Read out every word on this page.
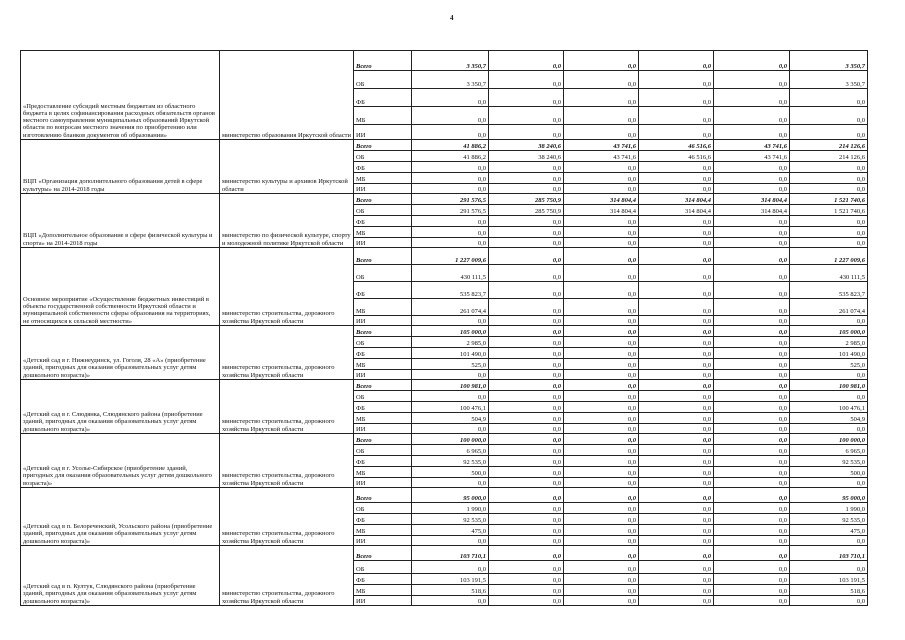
4
«Предоставление субсидий местным бюджетам из областного бюджета в целях софинансирования расходных обязательств органов местного самоуправления муниципальных образований Иркутской области по вопросам местного значения по приобретению или изготовлению бланков документов об образовании»	министерство образования Иркутской области	Всего	3 350,7	0,0	0,0	0,0	0,0	3 350,7
		ОБ	3 350,7	0,0	0,0	0,0	0,0	3 350,7
		ФБ	0,0	0,0	0,0	0,0	0,0	0,0
		МБ	0,0	0,0	0,0	0,0	0,0	0,0
		ИИ	0,0	0,0	0,0	0,0	0,0	0,0
ВЦП «Организация дополнительного образования детей в сфере культуры» на 2014-2018 годы	министерство культуры и архивов Иркутской области	Всего	41 886,2	38 240,6	43 741,6	46 516,6	43 741,6	214 126,6
		ОБ	41 886,2	38 240,6	43 741,6	46 516,6	43 741,6	214 126,6
		ФБ	0,0	0,0	0,0	0,0	0,0	0,0
		МБ	0,0	0,0	0,0	0,0	0,0	0,0
		ИИ	0,0	0,0	0,0	0,0	0,0	0,0
ВЦП «Дополнительное образование в сфере физической культуры и спорта» на 2014-2018 годы	министерство по физической культуре, спорту и молодежной политике Иркутской области	Всего	291 576,5	285 750,9	314 804,4	314 804,4	314 804,4	1 521 740,6
		ОБ	291 576,5	285 750,9	314 804,4	314 804,4	314 804,4	1 521 740,6
		ФБ	0,0	0,0	0,0	0,0	0,0	0,0
		МБ	0,0	0,0	0,0	0,0	0,0	0,0
		ИИ	0,0	0,0	0,0	0,0	0,0	0,0
Основное мероприятие «Осуществление бюджетных инвестиций в объекты государственной собственности Иркутской области и муниципальной собственности сферы образования на территориях, не относящихся к сельской местности»	министерство строительства, дорожного хозяйства Иркутской области	Всего	1 227 009,6	0,0	0,0	0,0	0,0	1 227 009,6
		ОБ	430 111,5	0,0	0,0	0,0	0,0	430 111,5
		ФБ	535 823,7	0,0	0,0	0,0	0,0	535 823,7
		МБ	261 074,4	0,0	0,0	0,0	0,0	261 074,4
		ИИ	0,0	0,0	0,0	0,0	0,0	0,0
«Детский сад в г. Нижнеудинск, ул. Гоголя, 28 «А» (приобретение зданий, пригодных для оказания образовательных услуг детям дошкольного возраста)»	министерство строительства, дорожного хозяйства Иркутской области	Всего	105 000,0	0,0	0,0	0,0	0,0	105 000,0
		ОБ	2 985,0	0,0	0,0	0,0	0,0	2 985,0
		ФБ	101 490,0	0,0	0,0	0,0	0,0	101 490,0
		МБ	525,0	0,0	0,0	0,0	0,0	525,0
		ИИ	0,0	0,0	0,0	0,0	0,0	0,0
«Детский сад в г. Слюдянка, Слюдянского района (приобретение зданий, пригодных для оказания образовательных услуг детям дошкольного возраста)»	министерство строительства, дорожного хозяйства Иркутской области	Всего	100 981,0	0,0	0,0	0,0	0,0	100 981,0
		ОБ	0,0	0,0	0,0	0,0	0,0	0,0
		ФБ	100 476,1	0,0	0,0	0,0	0,0	100 476,1
		МБ	504,9	0,0	0,0	0,0	0,0	504,9
		ИИ	0,0	0,0	0,0	0,0	0,0	0,0
«Детский сад в г. Усолье-Сибирское (приобретение зданий, пригодных для оказания образовательных услуг детям дошкольного возраста)»	министерство строительства, дорожного хозяйства Иркутской области	Всего	100 000,0	0,0	0,0	0,0	0,0	100 000,0
		ОБ	6 965,0	0,0	0,0	0,0	0,0	6 965,0
		ФБ	92 535,0	0,0	0,0	0,0	0,0	92 535,0
		МБ	500,0	0,0	0,0	0,0	0,0	500,0
		ИИ	0,0	0,0	0,0	0,0	0,0	0,0
«Детский сад в п. Белореченский, Усольского района (приобретение зданий, пригодных для оказания образовательных услуг детям дошкольного возраста)»	министерство строительства, дорожного хозяйства Иркутской области	Всего	95 000,0	0,0	0,0	0,0	0,0	95 000,0
		ОБ	1 990,0	0,0	0,0	0,0	0,0	1 990,0
		ФБ	92 535,0	0,0	0,0	0,0	0,0	92 535,0
		МБ	475,0	0,0	0,0	0,0	0,0	475,0
		ИИ	0,0	0,0	0,0	0,0	0,0	0,0
«Детский сад в п. Култук, Слюдянского района (приобретение зданий, пригодных для оказания образовательных услуг детям дошкольного возраста)»	министерство строительства, дорожного хозяйства Иркутской области	Всего	103 710,1	0,0	0,0	0,0	0,0	103 710,1
		ОБ	0,0	0,0	0,0	0,0	0,0	0,0
		ФБ	103 191,5	0,0	0,0	0,0	0,0	103 191,5
		МБ	518,6	0,0	0,0	0,0	0,0	518,6
		ИИ	0,0	0,0	0,0	0,0	0,0	0,0
